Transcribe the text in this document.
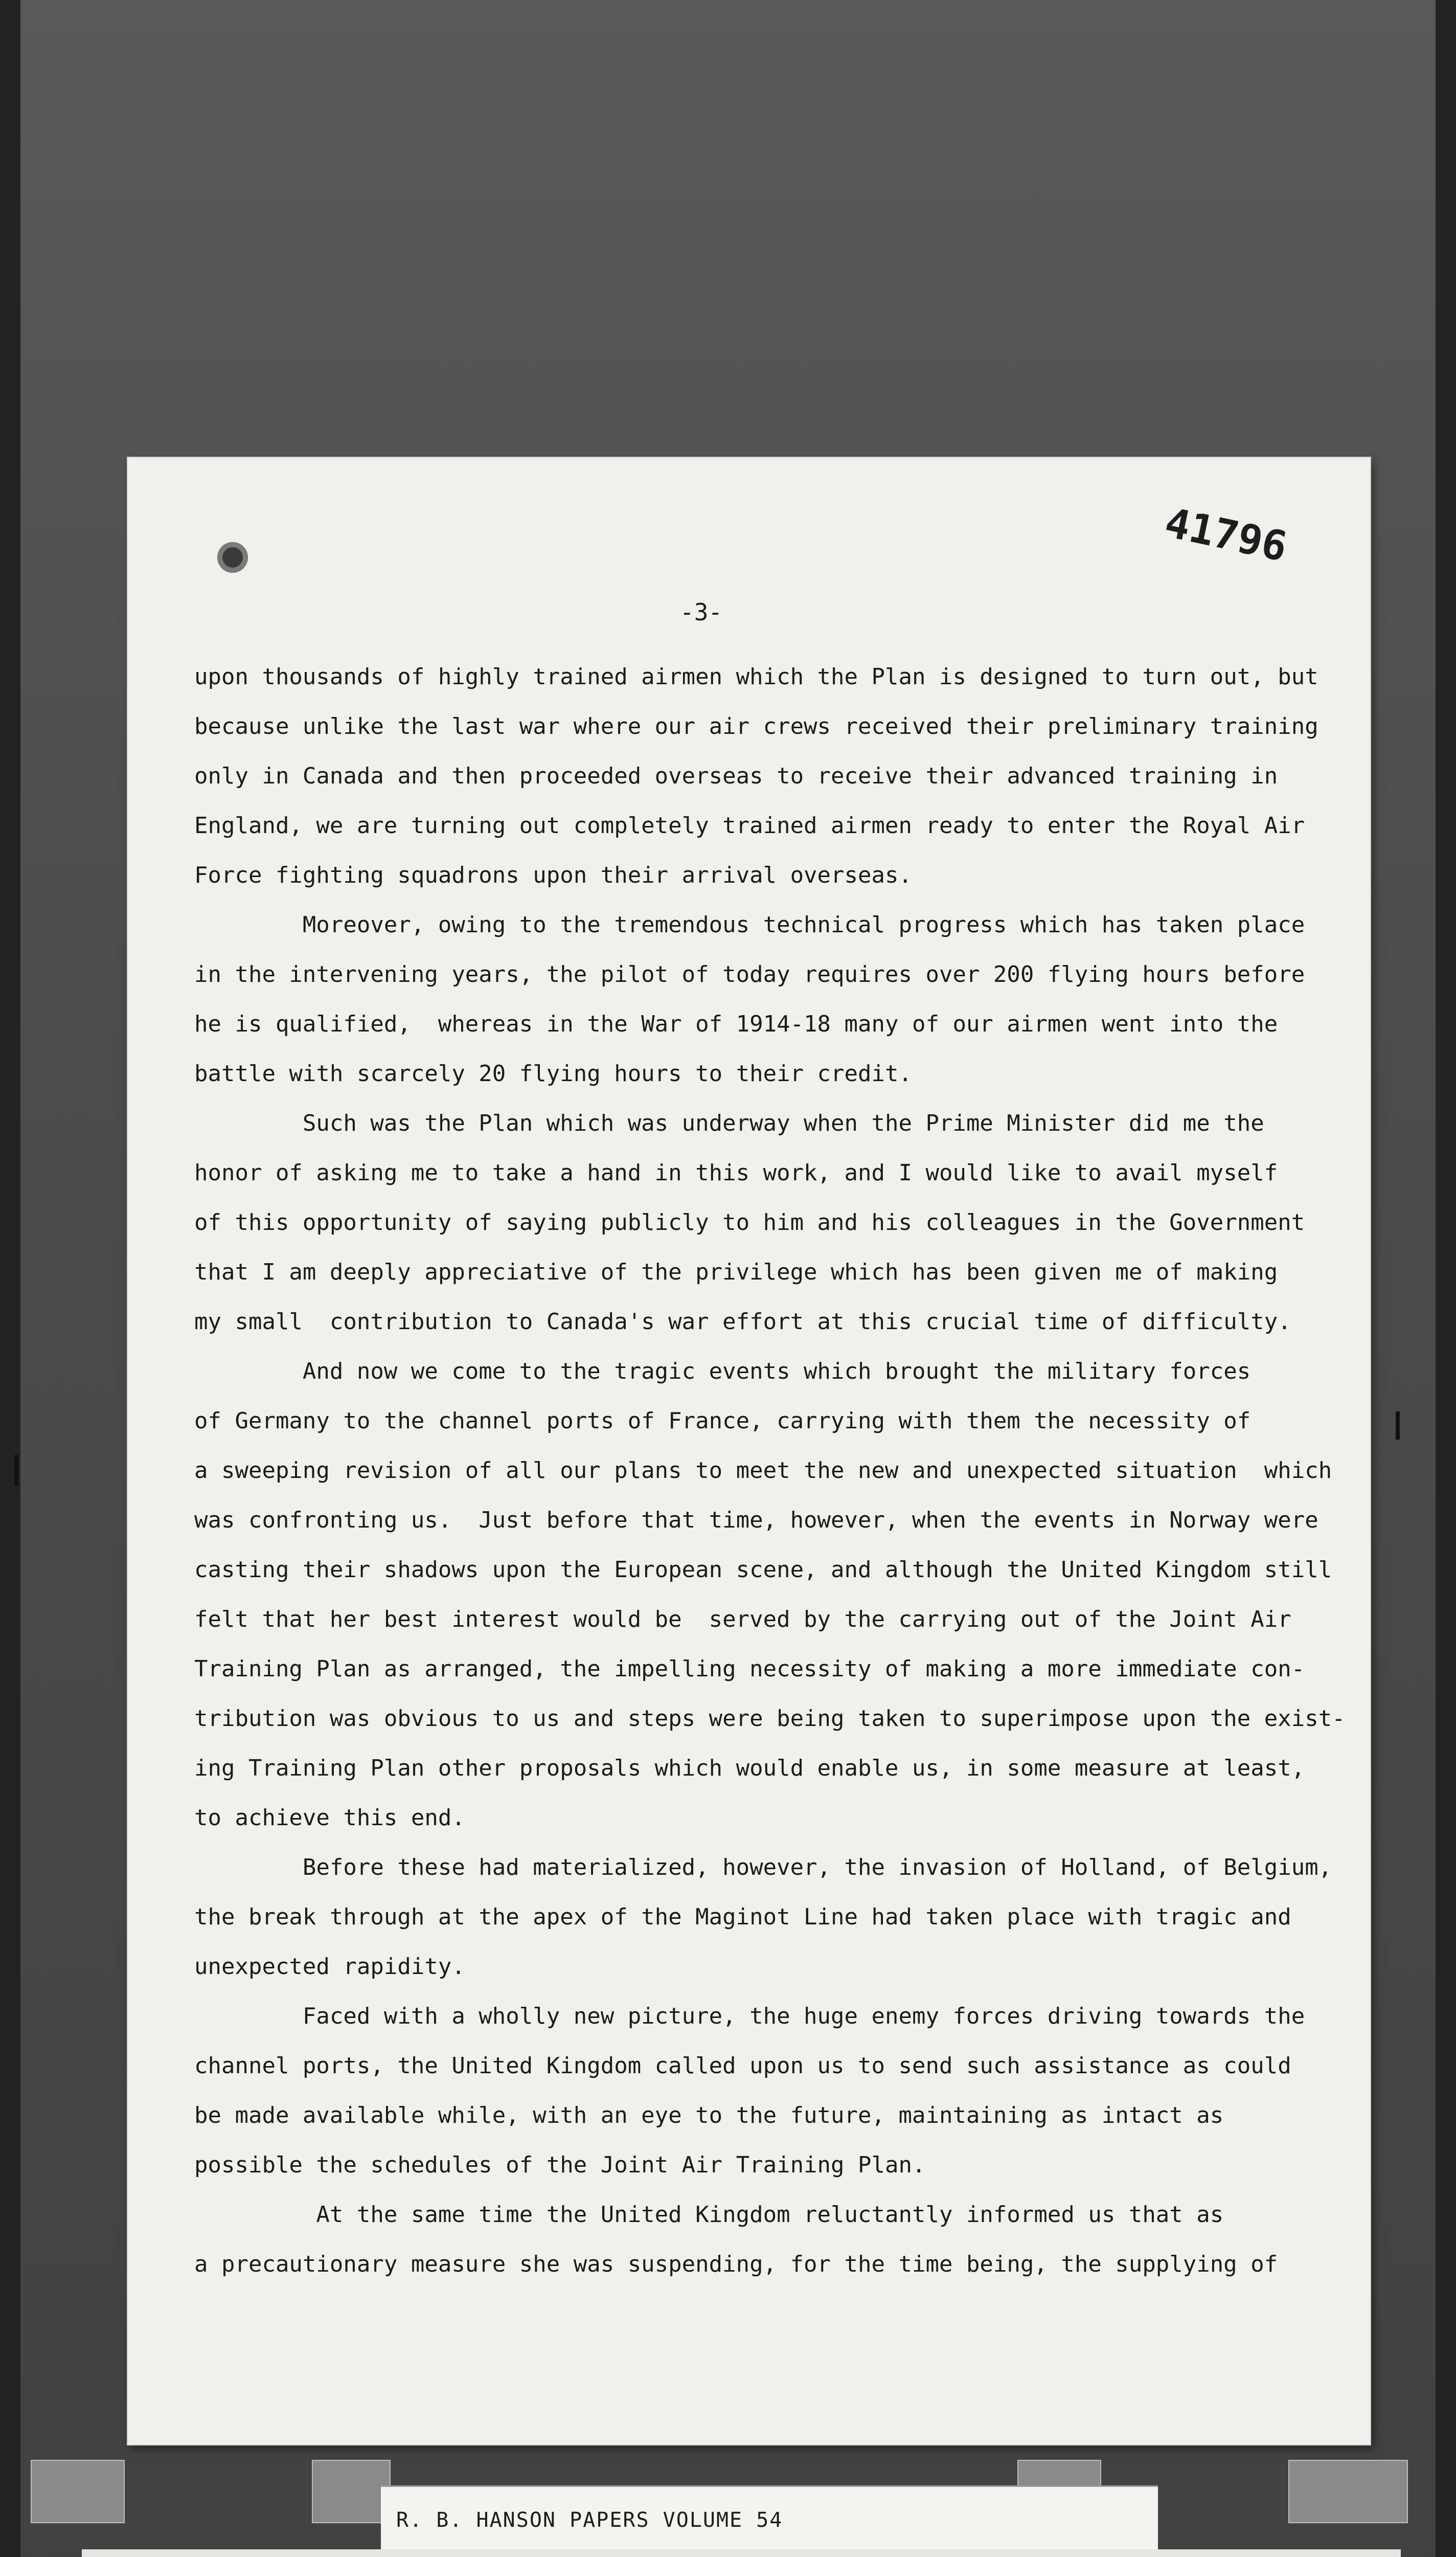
41796
-3-
upon thousands of highly trained airmen which the Plan is designed to turn out, but
because unlike the last war where our air crews received their preliminary training
only in Canada and then proceeded overseas to receive their advanced training in
England, we are turning out completely trained airmen ready to enter the Royal Air
Force fighting squadrons upon their arrival overseas.
Moreover, owing to the tremendous technical progress which has taken place
in the intervening years, the pilot of today requires over 200 flying hours before
he is qualified,  whereas in the War of 1914-18 many of our airmen went into the
battle with scarcely 20 flying hours to their credit.
Such was the Plan which was underway when the Prime Minister did me the
honor of asking me to take a hand in this work, and I would like to avail myself
of this opportunity of saying publicly to him and his colleagues in the Government
that I am deeply appreciative of the privilege which has been given me of making
my small  contribution to Canada's war effort at this crucial time of difficulty.
And now we come to the tragic events which brought the military forces
of Germany to the channel ports of France, carrying with them the necessity of
a sweeping revision of all our plans to meet the new and unexpected situation  which
was confronting us.  Just before that time, however, when the events in Norway were
casting their shadows upon the European scene, and although the United Kingdom still
felt that her best interest would be  served by the carrying out of the Joint Air
Training Plan as arranged, the impelling necessity of making a more immediate con-
tribution was obvious to us and steps were being taken to superimpose upon the exist-
ing Training Plan other proposals which would enable us, in some measure at least,
to achieve this end.
Before these had materialized, however, the invasion of Holland, of Belgium,
the break through at the apex of the Maginot Line had taken place with tragic and
unexpected rapidity.
Faced with a wholly new picture, the huge enemy forces driving towards the
channel ports, the United Kingdom called upon us to send such assistance as could
be made available while, with an eye to the future, maintaining as intact as
possible the schedules of the Joint Air Training Plan.
At the same time the United Kingdom reluctantly informed us that as
a precautionary measure she was suspending, for the time being, the supplying of
R. B. HANSON PAPERS VOLUME 54
